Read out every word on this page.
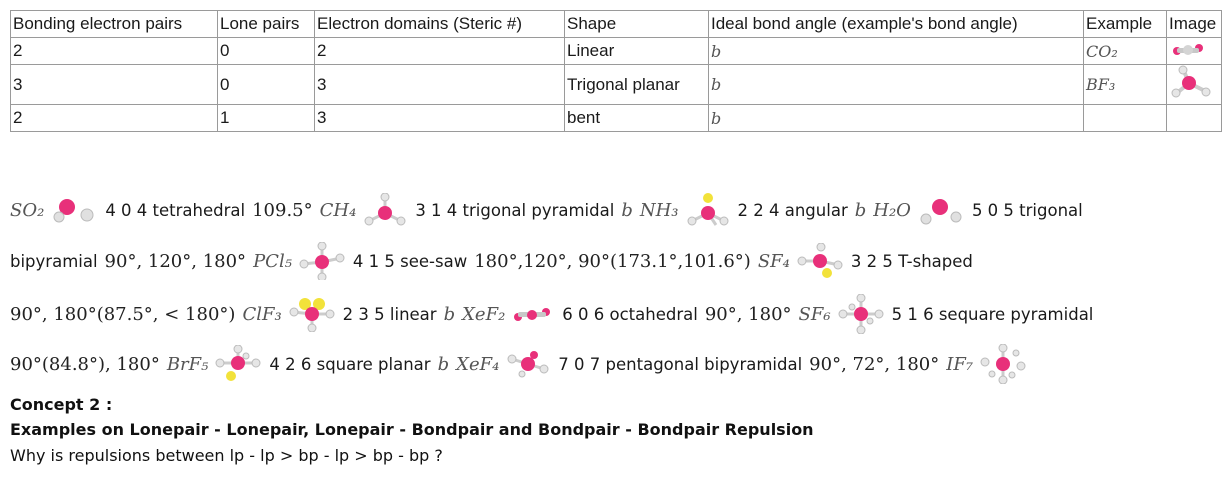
Bonding electron pairs	Lone pairs	Electron domains (Steric #)	Shape	Ideal bond angle (example's bond angle)	Example	Image
2	0	2	Linear	b	CO₂	
3	0	3	Trigonal planar	b	BF₃	
2	1	3	bent	b		
SO₂	4 0 4 tetrahedral 109.5° CH₄	3 1 4 trigonal pyramidal b NH₃	2 2 4 angular b H₂O	5 0 5 trigonal
bipyramial 90°, 120°, 180° PCl₅	4 1 5 see-saw 180°,120°, 90°(173.1°,101.6°) SF₄	3 2 5 T-shaped
90°, 180°(87.5°, < 180°) ClF₃	2 3 5 linear b XeF₂	6 0 6 octahedral 90°, 180° SF₆	5 1 6 sequare pyramidal
90°(84.8°), 180° BrF₅	4 2 6 square planar b XeF₄	7 0 7 pentagonal bipyramidal 90°, 72°, 180° IF₇
Concept 2 :
Examples on Lonepair - Lonepair, Lonepair - Bondpair and Bondpair - Bondpair Repulsion
Why is repulsions between lp - lp > bp - lp > bp - bp ?
